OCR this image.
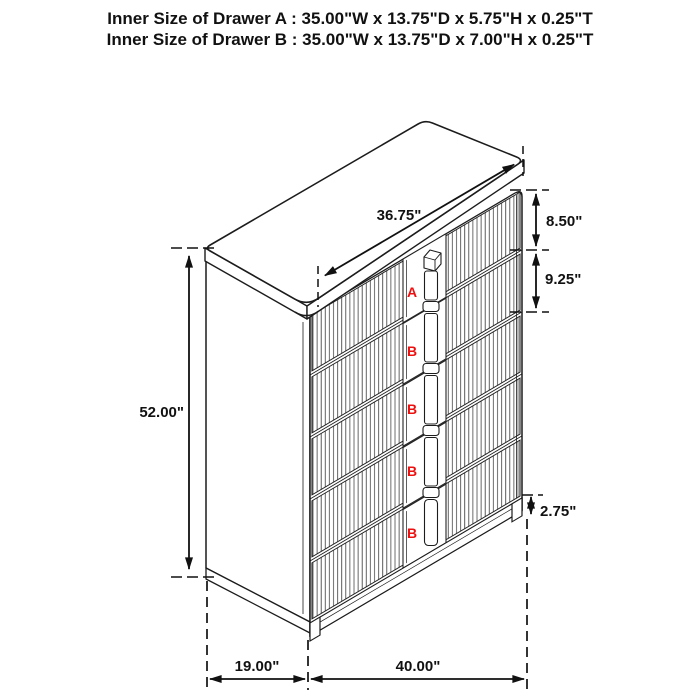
Inner Size of Drawer A : 35.00"W x 13.75"D x 5.75"H x 0.25"T
Inner Size of Drawer B : 35.00"W x 13.75"D x 7.00"H x 0.25"T
A
B
B
B
B
36.75"	8.50"
9.25"
52.00"
2.75"
19.00"	40.00"
